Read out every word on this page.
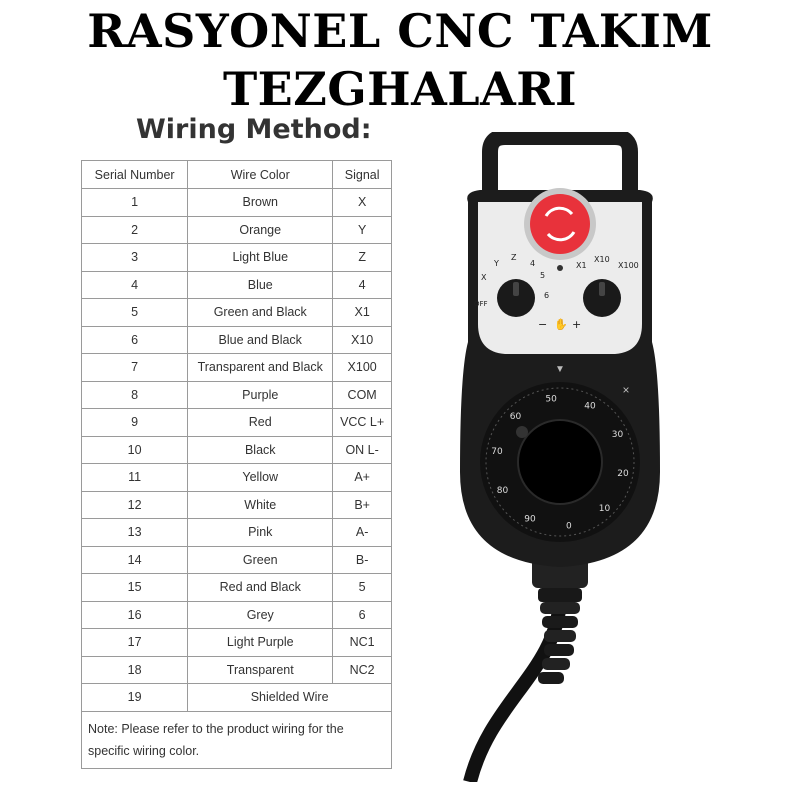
RASYONEL CNC TAKIM TEZGHALARI
Wiring Method:
Serial Number	Wire Color	Signal
1	Brown	X
2	Orange	Y
3	Light Blue	Z
4	Blue	4
5	Green and Black	X1
6	Blue and Black	X10
7	Transparent and Black	X100
8	Purple	COM
9	Red	VCC L+
10	Black	ON L-
11	Yellow	A+
12	White	B+
13	Pink	A-
14	Green	B-
15	Red and Black	5
16	Grey	6
17	Light Purple	NC1
18	Transparent	NC2
19	Shielded Wire	
Note: Please refer to the product wiring for the specific wiring color.		
X
Y
Z
4
5
6
OFF
X1
X10
X100
− +
✋
40
30
20
10
0
90
80
70
60
50
▼
×
